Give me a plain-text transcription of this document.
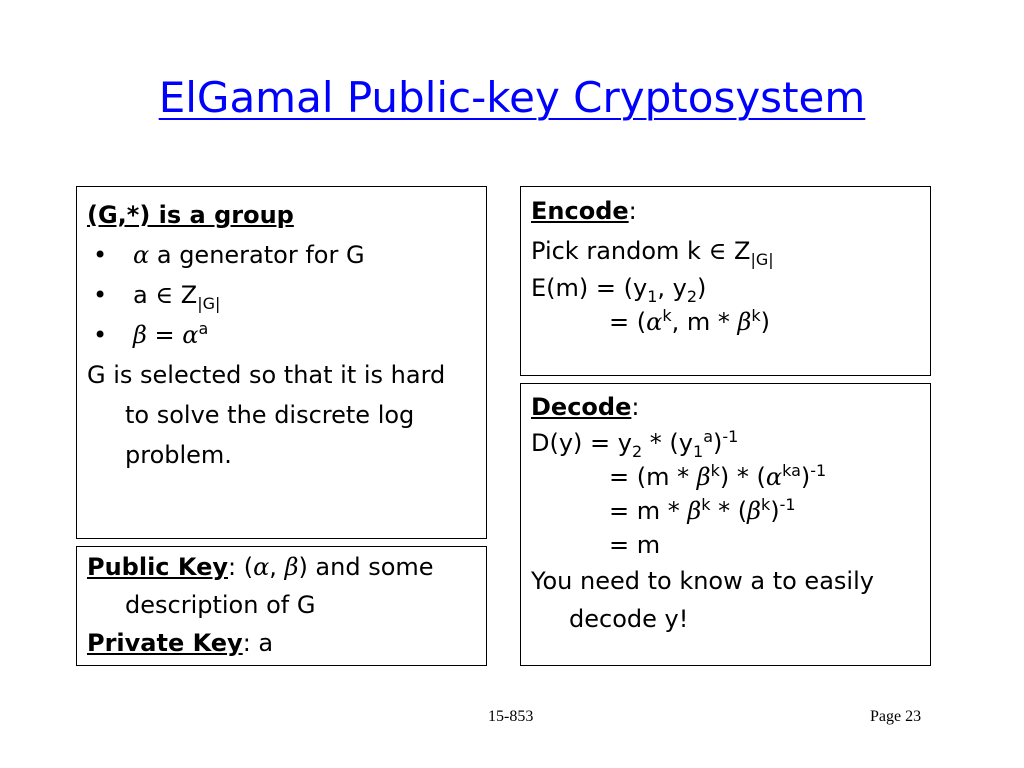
ElGamal Public-key Cryptosystem
(G,*) is a group
• α a generator for G
• a ∈ $Z_{|G|}$
• $\beta = \alpha^a$
G is selected so that it is hard to solve the discrete log problem.
Public Key: (α, β) and some description of G
Private Key: a
Encode:
Pick random k ∈ $Z_{|G|}$
$E(m) = (y_1$, $y_2$)
= ($\alpha^k$, m * $\beta^k$)
Decode:
$D(y) = y_2 * (y_1^a)^{-1}$
= $(m * \beta^k) * (\alpha^{ka})^{-1}$
= m * $\beta^k * (\beta^k)^{-1}$
= m
You need to know a to easily decode y!
15-853	Page 23
